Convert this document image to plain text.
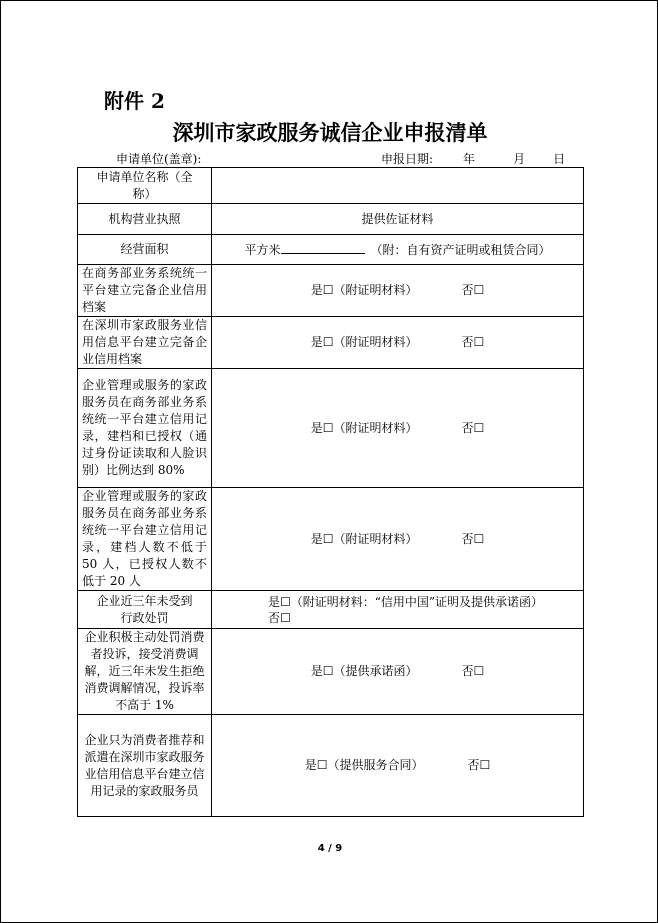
附件 2
深圳市家政服务诚信企业申报清单
申请单位(盖章):	申报日期:	年	月 日
申请单位名称（全称）	
机构营业执照	提供佐证材料
经营面积	平方米 （附：自有资产证明或租赁合同）
在商务部业务系统统一平台建立完备企业信用档案	是☐（附证明材料） 否☐
在深圳市家政服务业信用信息平台建立完备企业信用档案	是☐（附证明材料） 否☐
企业管理或服务的家政服务员在商务部业务系统统一平台建立信用记录，建档和已授权（通过身份证读取和人脸识别）比例达到 80%	是☐（附证明材料） 否☐
企业管理或服务的家政服务员在商务部业务系统统一平台建立信用记录，建档人数不低于 50 人，已授权人数不低于 20 人	是☐（附证明材料） 否☐
企业近三年未受到行政处罚	是☐（附证明材料：“信用中国”证明及提供承诺函）
否☐
企业积极主动处罚消费者投诉，接受消费调解，近三年未发生拒绝消费调解情况，投诉率不高于 1%	是☐（提供承诺函） 否☐
企业只为消费者推荐和派遣在深圳市家政服务业信用信息平台建立信用记录的家政服务员	是☐（提供服务合同） 否☐
4 / 9
